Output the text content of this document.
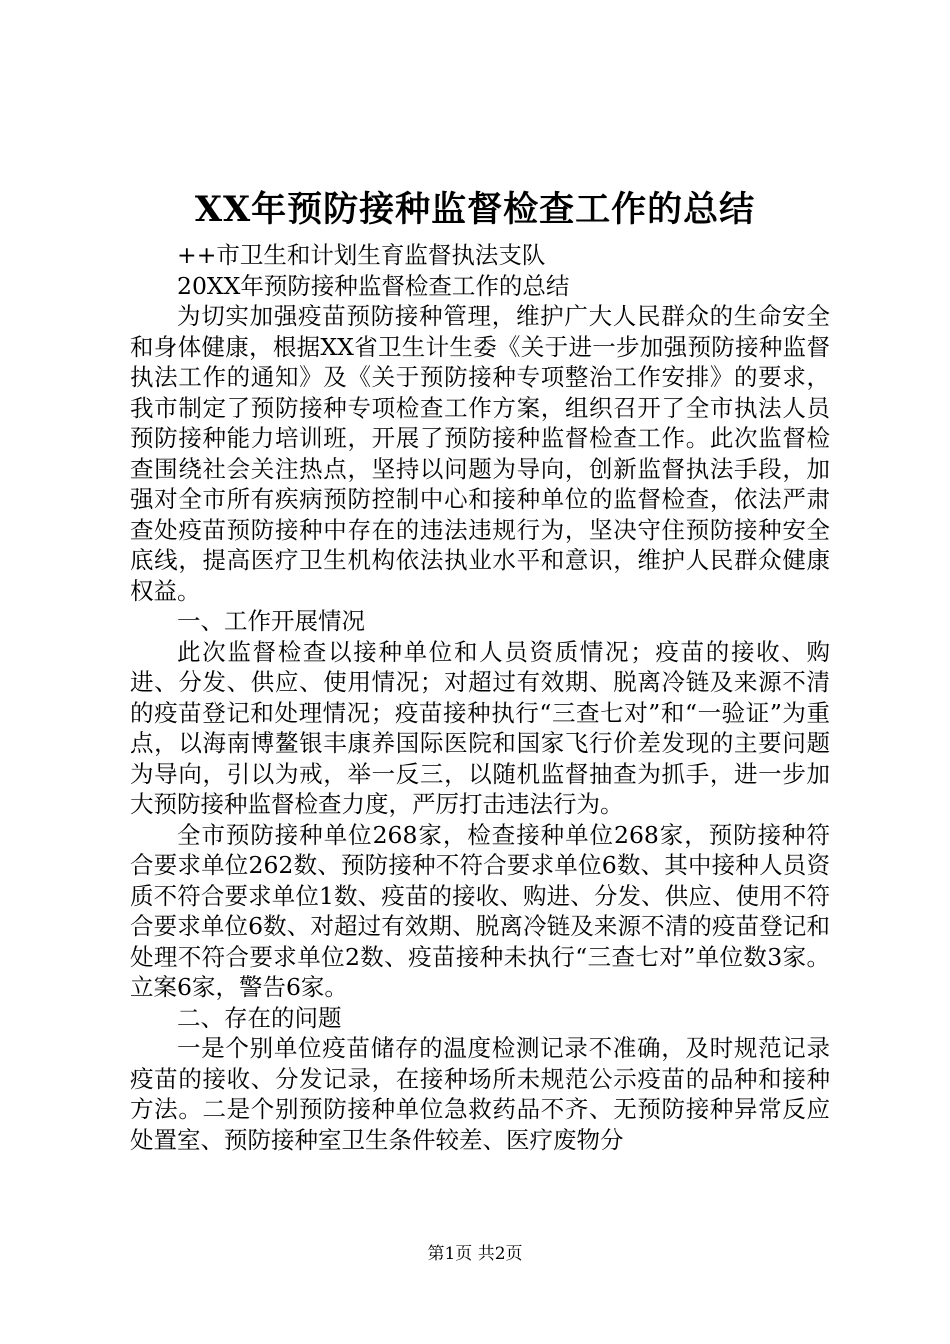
XX年预防接种监督检查工作的总结

++市卫生和计划生育监督执法支队

20XX年预防接种监督检查工作的总结

为切实加强疫苗预防接种管理，维护广大人民群众的生命安全和身体健康，根据XX省卫生计生委《关于进一步加强预防接种监督执法工作的通知》及《关于预防接种专项整治工作安排》的要求，我市制定了预防接种专项检查工作方案，组织召开了全市执法人员预防接种能力培训班，开展了预防接种监督检查工作。此次监督检查围绕社会关注热点，坚持以问题为导向，创新监督执法手段，加强对全市所有疾病预防控制中心和接种单位的监督检查，依法严肃查处疫苗预防接种中存在的违法违规行为，坚决守住预防接种安全底线，提高医疗卫生机构依法执业水平和意识，维护人民群众健康权益。

一、工作开展情况

此次监督检查以接种单位和人员资质情况；疫苗的接收、购进、分发、供应、使用情况；对超过有效期、脱离冷链及来源不清的疫苗登记和处理情况；疫苗接种执行“三查七对”和“一验证”为重点，以海南博鳌银丰康养国际医院和国家飞行价差发现的主要问题为导向，引以为戒，举一反三，以随机监督抽查为抓手，进一步加大预防接种监督检查力度，严厉打击违法行为。

全市预防接种单位268家，检查接种单位268家，预防接种符合要求单位262数、预防接种不符合要求单位6数、其中接种人员资质不符合要求单位1数、疫苗的接收、购进、分发、供应、使用不符合要求单位6数、对超过有效期、脱离冷链及来源不清的疫苗登记和处理不符合要求单位2数、疫苗接种未执行“三查七对”单位数3家。立案6家，警告6家。

二、存在的问题

一是个别单位疫苗储存的温度检测记录不准确，及时规范记录疫苗的接收、分发记录，在接种场所未规范公示疫苗的品种和接种方法。二是个别预防接种单位急救药品不齐、无预防接种异常反应处置室、预防接种室卫生条件较差、医疗废物分

第1页 共2页
